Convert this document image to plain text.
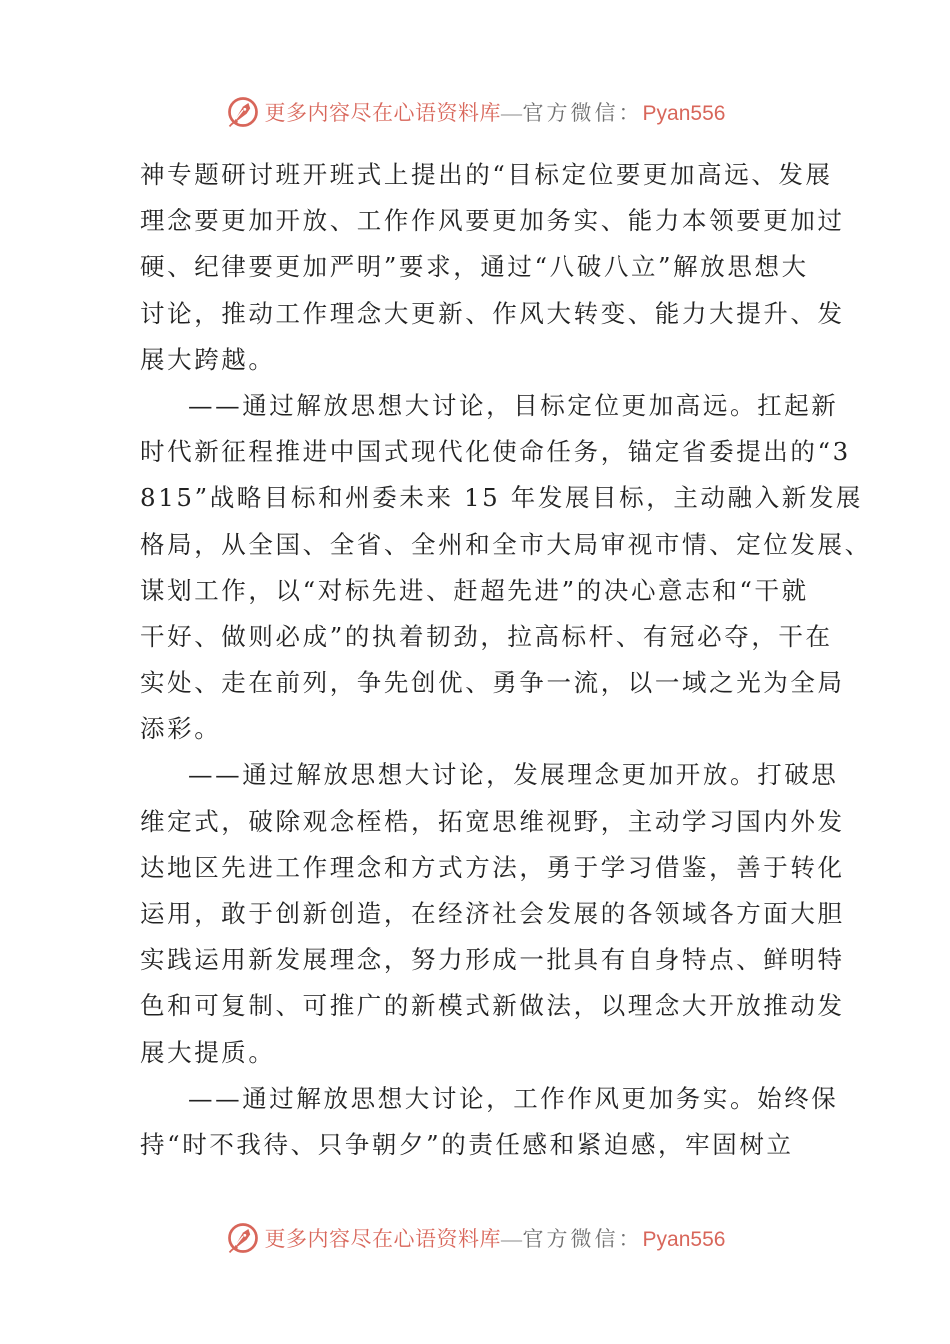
更多内容尽在心语资料库—官方微信：Pyan556
神专题研讨班开班式上提出的“目标定位要更加高远、发展
理念要更加开放、工作作风要更加务实、能力本领要更加过
硬、纪律要更加严明”要求，通过“八破八立”解放思想大
讨论，推动工作理念大更新、作风大转变、能力大提升、发
展大跨越。
——通过解放思想大讨论，目标定位更加高远。扛起新
时代新征程推进中国式现代化使命任务，锚定省委提出的“3
815”战略目标和州委未来 15 年发展目标，主动融入新发展
格局，从全国、全省、全州和全市大局审视市情、定位发展、
谋划工作，以“对标先进、赶超先进”的决心意志和“干就
干好、做则必成”的执着韧劲，拉高标杆、有冠必夺，干在
实处、走在前列，争先创优、勇争一流，以一域之光为全局
添彩。
——通过解放思想大讨论，发展理念更加开放。打破思
维定式，破除观念桎梏，拓宽思维视野，主动学习国内外发
达地区先进工作理念和方式方法，勇于学习借鉴，善于转化
运用，敢于创新创造，在经济社会发展的各领域各方面大胆
实践运用新发展理念，努力形成一批具有自身特点、鲜明特
色和可复制、可推广的新模式新做法，以理念大开放推动发
展大提质。
——通过解放思想大讨论，工作作风更加务实。始终保
持“时不我待、只争朝夕”的责任感和紧迫感，牢固树立
更多内容尽在心语资料库—官方微信：Pyan556
